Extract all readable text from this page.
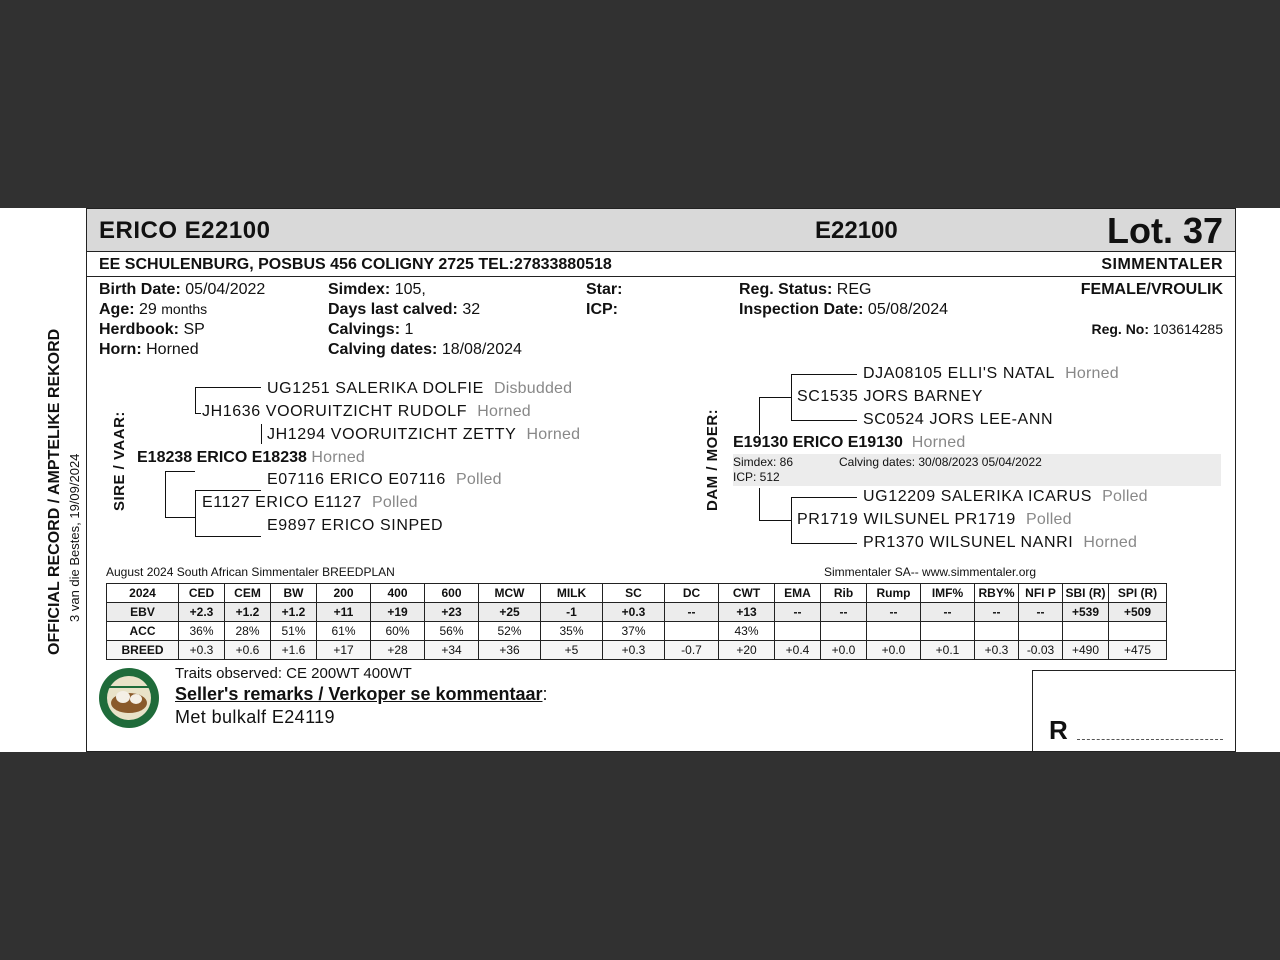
OFFICIAL RECORD / AMPTELIKE REKORD 3 van die Bestes, 19/09/2024
ERICO E22100	E22100	Lot. 37
EE SCHULENBURG, POSBUS 456 COLIGNY 2725 TEL:27833880518	SIMMENTALER
Birth Date: 05/04/2022
Age: 29 months
Herdbook: SP
Horn: Horned
Simdex: 105,
Days last calved: 32
Calvings: 1
Calving dates: 18/08/2024
Star:
ICP:
Reg. Status: REG
Inspection Date: 05/08/2024
FEMALE/VROULIK
Reg. No: 103614285
SIRE / VAAR:
UG1251 SALERIKA DOLFIE Disbudded
JH1636 VOORUITZICHT RUDOLF Horned
JH1294 VOORUITZICHT ZETTY Horned
E18238 ERICO E18238 Horned
E07116 ERICO E07116 Polled
E1127 ERICO E1127 Polled
E9897 ERICO SINPED
DAM / MOER:
DJA08105 ELLI'S NATAL Horned
SC1535 JORS BARNEY
SC0524 JORS LEE-ANN
E19130 ERICO E19130 Horned
Simdex: 86	Calving dates: 30/08/2023 05/04/2022
ICP: 512
UG12209 SALERIKA ICARUS Polled
PR1719 WILSUNEL PR1719 Polled
PR1370 WILSUNEL NANRI Horned
August 2024 South African Simmentaler BREEDPLAN	Simmentaler SA-- www.simmentaler.org
2024	CED	CEM	BW	200	400	600	MCW	MILK	SC	DC	CWT	EMA	Rib	Rump	IMF%	RBY%	NFI P	SBI (R)	SPI (R)
EBV	+2.3	+1.2	+1.2	+11	+19	+23	+25	-1	+0.3	--	+13	--	--	--	--	--	--	+539	+509
ACC	36%	28%	51%	61%	60%	56%	52%	35%	37%		43%								
BREED	+0.3	+0.6	+1.6	+17	+28	+34	+36	+5	+0.3	-0.7	+20	+0.4	+0.0	+0.0	+0.1	+0.3	-0.03	+490	+475
Traits observed: CE 200WT 400WT
Seller's remarks / Verkoper se kommentaar:
Met bulkalf E24119	R
